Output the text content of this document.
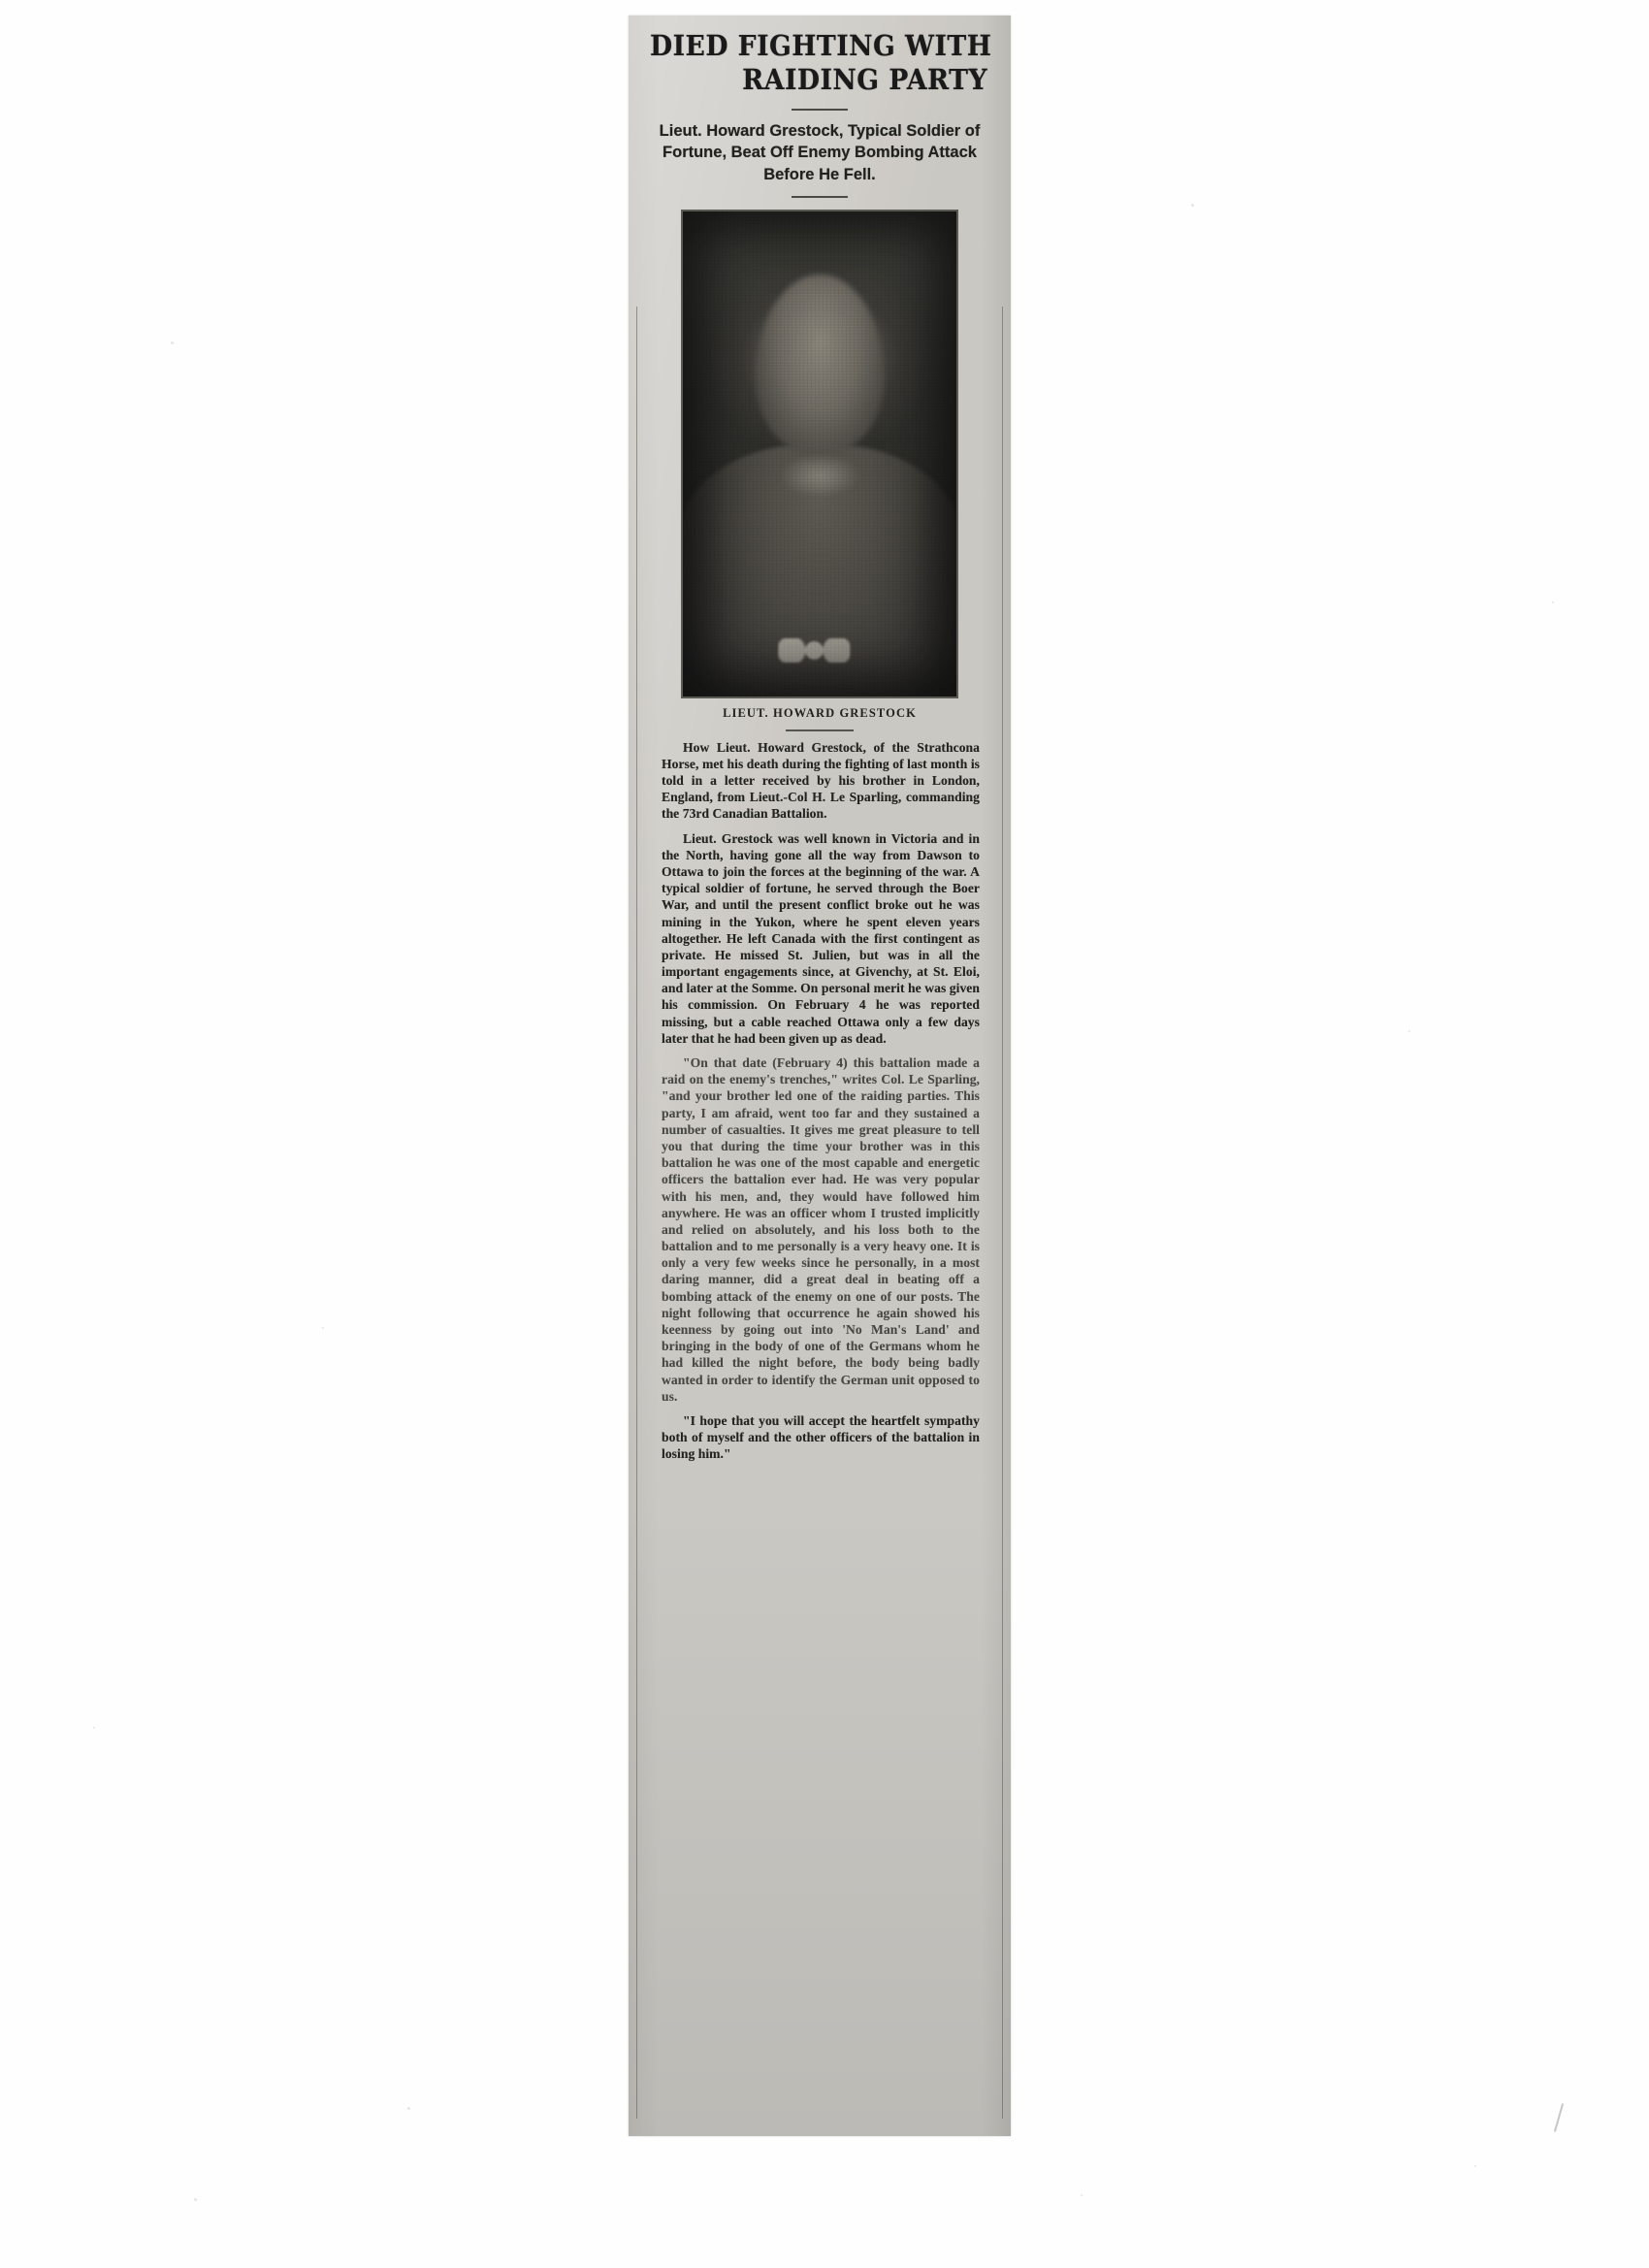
DIED FIGHTING WITH
RAIDING PARTY
Lieut. Howard Grestock, Typical Soldier of Fortune, Beat Off Enemy Bombing Attack Before He Fell.
LIEUT. HOWARD GRESTOCK

How Lieut. Howard Grestock, of the Strathcona Horse, met his death during the fighting of last month is told in a letter received by his brother in London, England, from Lieut.-Col H. Le Sparling, commanding the 73rd Canadian Battalion.

Lieut. Grestock was well known in Victoria and in the North, having gone all the way from Dawson to Ottawa to join the forces at the beginning of the war. A typical soldier of fortune, he served through the Boer War, and until the present conflict broke out he was mining in the Yukon, where he spent eleven years altogether. He left Canada with the first contingent as private. He missed St. Julien, but was in all the important engagements since, at Givenchy, at St. Eloi, and later at the Somme. On personal merit he was given his commission. On February 4 he was reported missing, but a cable reached Ottawa only a few days later that he had been given up as dead.

"On that date (February 4) this battalion made a raid on the enemy's trenches," writes Col. Le Sparling, "and your brother led one of the raiding parties. This party, I am afraid, went too far and they sustained a number of casualties. It gives me great pleasure to tell you that during the time your brother was in this battalion he was one of the most capable and energetic officers the battalion ever had. He was very popular with his men, and, they would have followed him anywhere. He was an officer whom I trusted implicitly and relied on absolutely, and his loss both to the battalion and to me personally is a very heavy one. It is only a very few weeks since he personally, in a most daring manner, did a great deal in beating off a bombing attack of the enemy on one of our posts. The night following that occurrence he again showed his keenness by going out into 'No Man's Land' and bringing in the body of one of the Germans whom he had killed the night before, the body being badly wanted in order to identify the German unit opposed to us.

"I hope that you will accept the heartfelt sympathy both of myself and the other officers of the battalion in losing him."
